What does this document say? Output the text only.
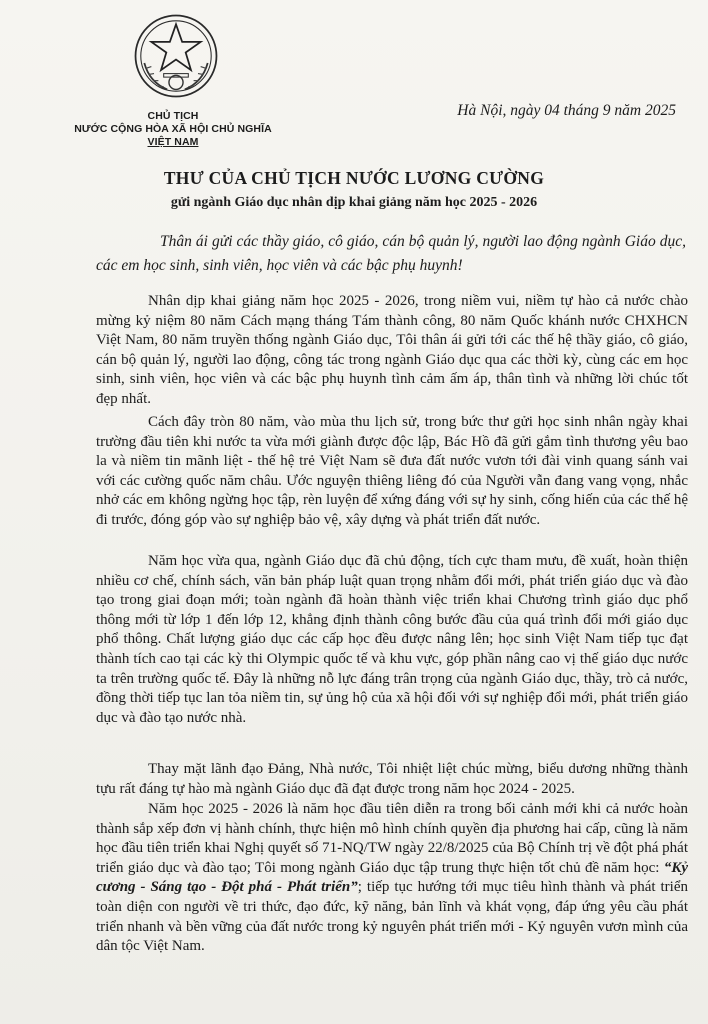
CHỦ TỊCH
NƯỚC CỘNG HÒA XÃ HỘI CHỦ NGHĨA
VIỆT NAM
Hà Nội, ngày 04 tháng 9 năm 2025
THƯ CỦA CHỦ TỊCH NƯỚC LƯƠNG CƯỜNG
gửi ngành Giáo dục nhân dịp khai giảng năm học 2025 - 2026
Thân ái gửi các thầy giáo, cô giáo, cán bộ quản lý, người lao động ngành Giáo dục, các em học sinh, sinh viên, học viên và các bậc phụ huynh!

Nhân dịp khai giảng năm học 2025 - 2026, trong niềm vui, niềm tự hào cả nước chào mừng kỷ niệm 80 năm Cách mạng tháng Tám thành công, 80 năm Quốc khánh nước CHXHCN Việt Nam, 80 năm truyền thống ngành Giáo dục, Tôi thân ái gửi tới các thế hệ thầy giáo, cô giáo, cán bộ quản lý, người lao động, công tác trong ngành Giáo dục qua các thời kỳ, cùng các em học sinh, sinh viên, học viên và các bậc phụ huynh tình cảm ấm áp, thân tình và những lời chúc tốt đẹp nhất.

Cách đây tròn 80 năm, vào mùa thu lịch sử, trong bức thư gửi học sinh nhân ngày khai trường đầu tiên khi nước ta vừa mới giành được độc lập, Bác Hồ đã gửi gắm tình thương yêu bao la và niềm tin mãnh liệt - thế hệ trẻ Việt Nam sẽ đưa đất nước vươn tới đài vinh quang sánh vai với các cường quốc năm châu. Ước nguyện thiêng liêng đó của Người vẫn đang vang vọng, nhắc nhở các em không ngừng học tập, rèn luyện để xứng đáng với sự hy sinh, cống hiến của các thế hệ đi trước, đóng góp vào sự nghiệp bảo vệ, xây dựng và phát triển đất nước.

Năm học vừa qua, ngành Giáo dục đã chủ động, tích cực tham mưu, đề xuất, hoàn thiện nhiều cơ chế, chính sách, văn bản pháp luật quan trọng nhằm đổi mới, phát triển giáo dục và đào tạo trong giai đoạn mới; toàn ngành đã hoàn thành việc triển khai Chương trình giáo dục phổ thông mới từ lớp 1 đến lớp 12, khẳng định thành công bước đầu của quá trình đổi mới giáo dục phổ thông. Chất lượng giáo dục các cấp học đều được nâng lên; học sinh Việt Nam tiếp tục đạt thành tích cao tại các kỳ thi Olympic quốc tế và khu vực, góp phần nâng cao vị thế giáo dục nước ta trên trường quốc tế. Đây là những nỗ lực đáng trân trọng của ngành Giáo dục, thầy, trò cả nước, đồng thời tiếp tục lan tỏa niềm tin, sự ủng hộ của xã hội đối với sự nghiệp đổi mới, phát triển giáo dục và đào tạo nước nhà.

Thay mặt lãnh đạo Đảng, Nhà nước, Tôi nhiệt liệt chúc mừng, biểu dương những thành tựu rất đáng tự hào mà ngành Giáo dục đã đạt được trong năm học 2024 - 2025.

Năm học 2025 - 2026 là năm học đầu tiên diễn ra trong bối cảnh mới khi cả nước hoàn thành sắp xếp đơn vị hành chính, thực hiện mô hình chính quyền địa phương hai cấp, cũng là năm học đầu tiên triển khai Nghị quyết số 71-NQ/TW ngày 22/8/2025 của Bộ Chính trị về đột phá phát triển giáo dục và đào tạo; Tôi mong ngành Giáo dục tập trung thực hiện tốt chủ đề năm học: “Kỷ cương - Sáng tạo - Đột phá - Phát triển”; tiếp tục hướng tới mục tiêu hình thành và phát triển toàn diện con người về tri thức, đạo đức, kỹ năng, bản lĩnh và khát vọng, đáp ứng yêu cầu phát triển nhanh và bền vững của đất nước trong kỷ nguyên phát triển mới - Kỷ nguyên vươn mình của dân tộc Việt Nam.
